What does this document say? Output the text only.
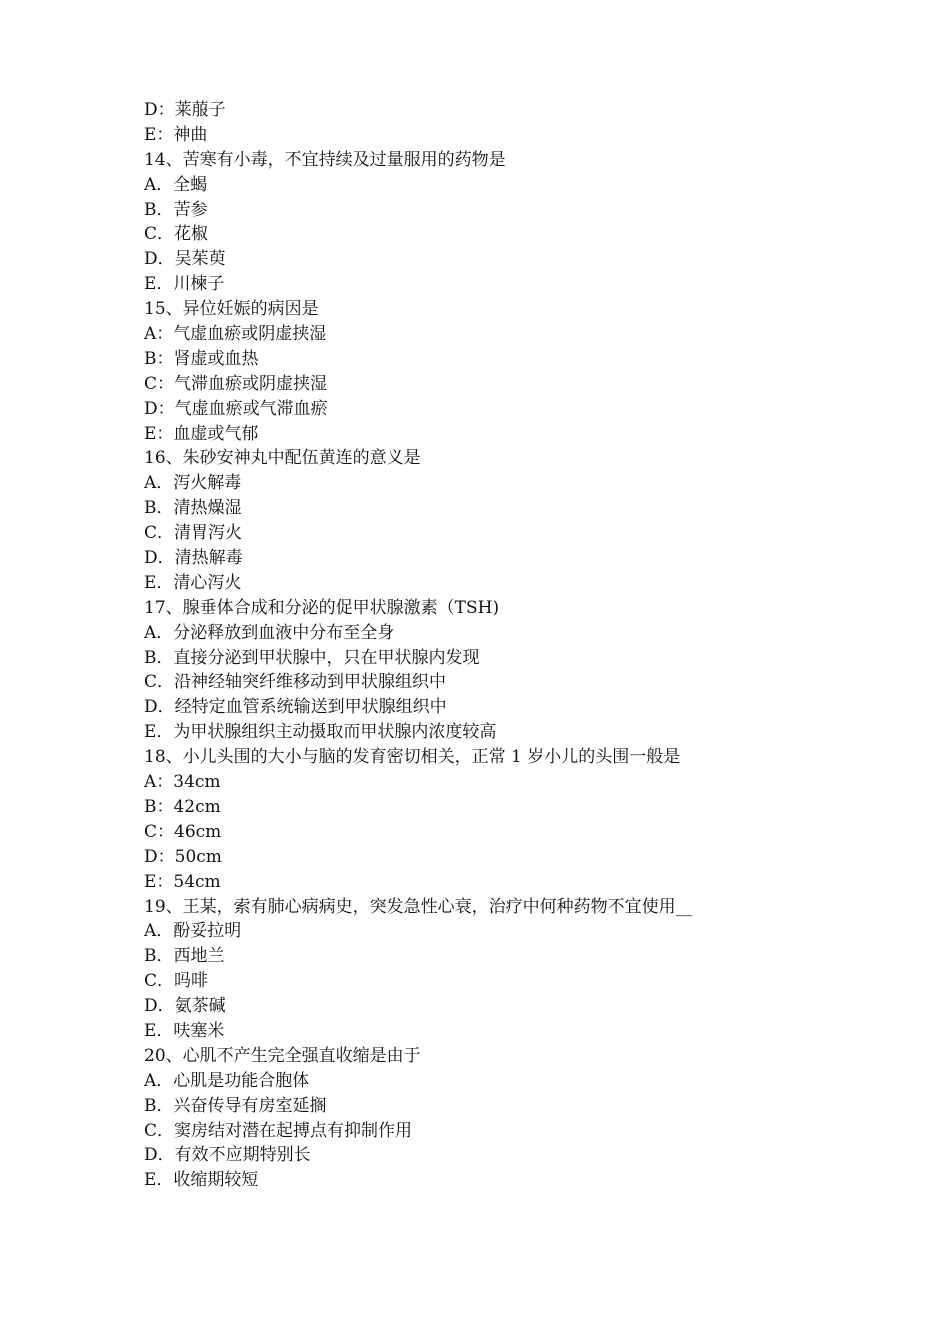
D：莱菔子
E：神曲
14、苦寒有小毒，不宜持续及过量服用的药物是
A．全蝎
B．苦参
C．花椒
D．吴茱萸
E．川楝子
15、异位妊娠的病因是
A：气虚血瘀或阴虚挟湿
B：肾虚或血热
C：气滞血瘀或阴虚挟湿
D：气虚血瘀或气滞血瘀
E：血虚或气郁
16、朱砂安神丸中配伍黄连的意义是
A．泻火解毒
B．清热燥湿
C．清胃泻火
D．清热解毒
E．清心泻火
17、腺垂体合成和分泌的促甲状腺激素（TSH)
A．分泌释放到血液中分布至全身
B．直接分泌到甲状腺中，只在甲状腺内发现
C．沿神经轴突纤维移动到甲状腺组织中
D．经特定血管系统输送到甲状腺组织中
E．为甲状腺组织主动摄取而甲状腺内浓度较高
18、小儿头围的大小与脑的发育密切相关，正常 1 岁小儿的头围一般是
A：34cm
B：42cm
C：46cm
D：50cm
E：54cm
19、王某，索有肺心病病史，突发急性心衰，治疗中何种药物不宜使用__
A．酚妥拉明
B．西地兰
C．吗啡
D．氨茶碱
E．呋塞米
20、心肌不产生完全强直收缩是由于
A．心肌是功能合胞体
B．兴奋传导有房室延搁
C．窦房结对潜在起搏点有抑制作用
D．有效不应期特别长
E．收缩期较短
